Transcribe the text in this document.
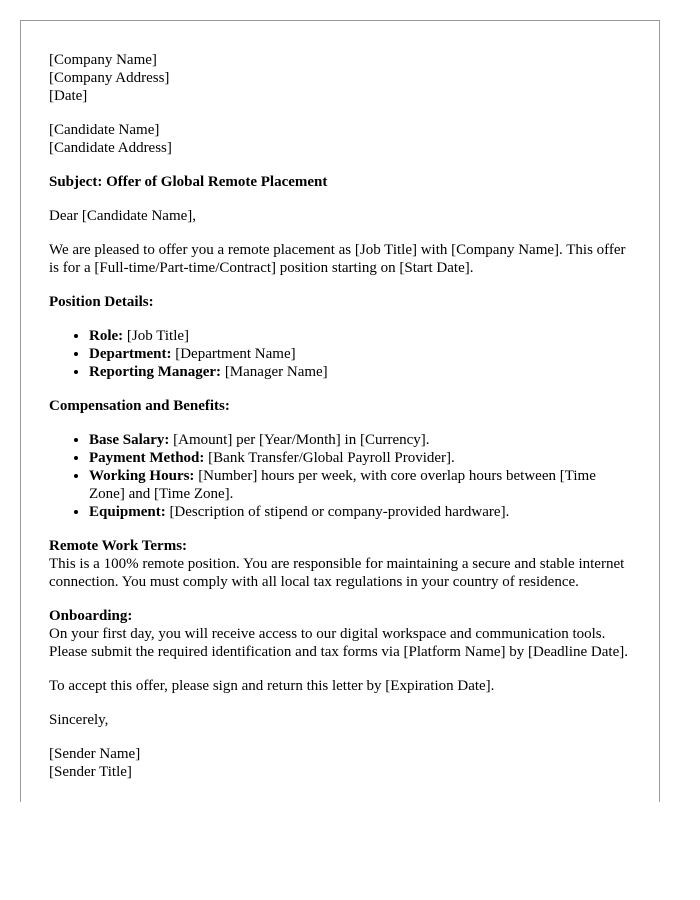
[Company Name]
[Company Address]
[Date]

[Candidate Name]
[Candidate Address]

Subject: Offer of Global Remote Placement

Dear [Candidate Name],

We are pleased to offer you a remote placement as [Job Title] with [Company Name]. This offer is for a [Full-time/Part-time/Contract] position starting on [Start Date].

Position Details:

• Role: [Job Title]
• Department: [Department Name]
• Reporting Manager: [Manager Name]

Compensation and Benefits:

• Base Salary: [Amount] per [Year/Month] in [Currency].
• Payment Method: [Bank Transfer/Global Payroll Provider].
• Working Hours: [Number] hours per week, with core overlap hours between [Time Zone] and [Time Zone].
• Equipment: [Description of stipend or company-provided hardware].

Remote Work Terms:
This is a 100% remote position. You are responsible for maintaining a secure and stable internet connection. You must comply with all local tax regulations in your country of residence.

Onboarding:
On your first day, you will receive access to our digital workspace and communication tools. Please submit the required identification and tax forms via [Platform Name] by [Deadline Date].

To accept this offer, please sign and return this letter by [Expiration Date].

Sincerely,

[Sender Name]
[Sender Title]
